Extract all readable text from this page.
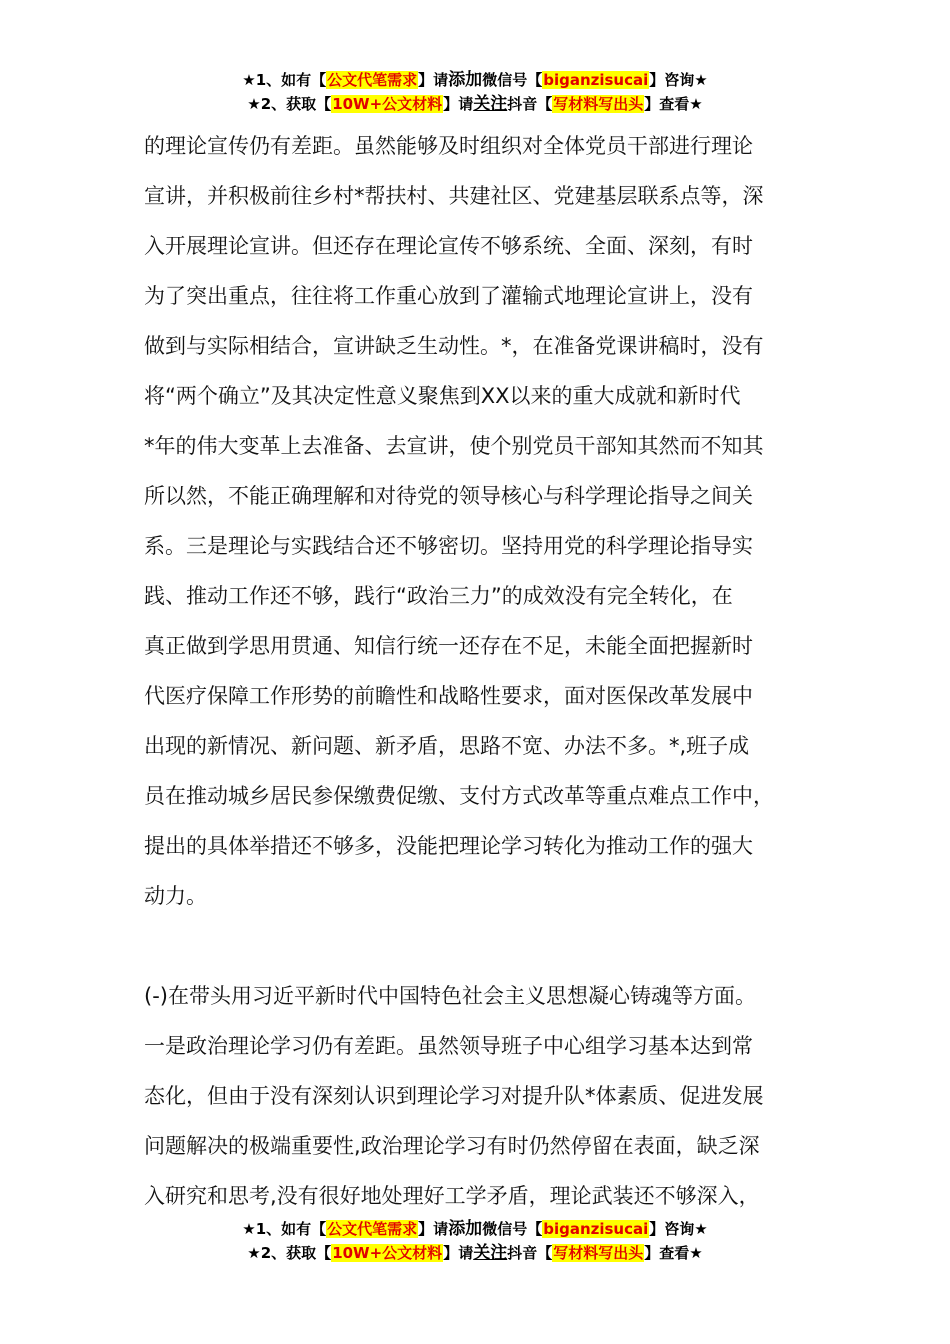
★1、如有【公文代笔需求】请添加微信号【biganzisucai】咨询★
★2、获取【10W+公文材料】请关注抖音【写材料写出头】查看★
的理论宣传仍有差距。虽然能够及时组织对全体党员干部进行理论
宣讲，并积极前往乡村*帮扶村、共建社区、党建基层联系点等，深
入开展理论宣讲。但还存在理论宣传不够系统、全面、深刻，有时
为了突出重点，往往将工作重心放到了灌输式地理论宣讲上，没有
做到与实际相结合，宣讲缺乏生动性。*，在准备党课讲稿时，没有
将“两个确立”及其决定性意义聚焦到XX以来的重大成就和新时代
*年的伟大变革上去准备、去宣讲，使个别党员干部知其然而不知其
所以然，不能正确理解和对待党的领导核心与科学理论指导之间关
系。三是理论与实践结合还不够密切。坚持用党的科学理论指导实
践、推动工作还不够，践行“政治三力”的成效没有完全转化，在
真正做到学思用贯通、知信行统一还存在不足，未能全面把握新时
代医疗保障工作形势的前瞻性和战略性要求，面对医保改革发展中
出现的新情况、新问题、新矛盾，思路不宽、办法不多。*,班子成
员在推动城乡居民参保缴费促缴、支付方式改革等重点难点工作中，
提出的具体举措还不够多，没能把理论学习转化为推动工作的强大
动力。
(-)在带头用习近平新时代中国特色社会主义思想凝心铸魂等方面。
一是政治理论学习仍有差距。虽然领导班子中心组学习基本达到常
态化，但由于没有深刻认识到理论学习对提升队*体素质、促进发展
问题解决的极端重要性,政治理论学习有时仍然停留在表面，缺乏深
入研究和思考,没有很好地处理好工学矛盾，理论武装还不够深入，
★1、如有【公文代笔需求】请添加微信号【biganzisucai】咨询★
★2、获取【10W+公文材料】请关注抖音【写材料写出头】查看★
